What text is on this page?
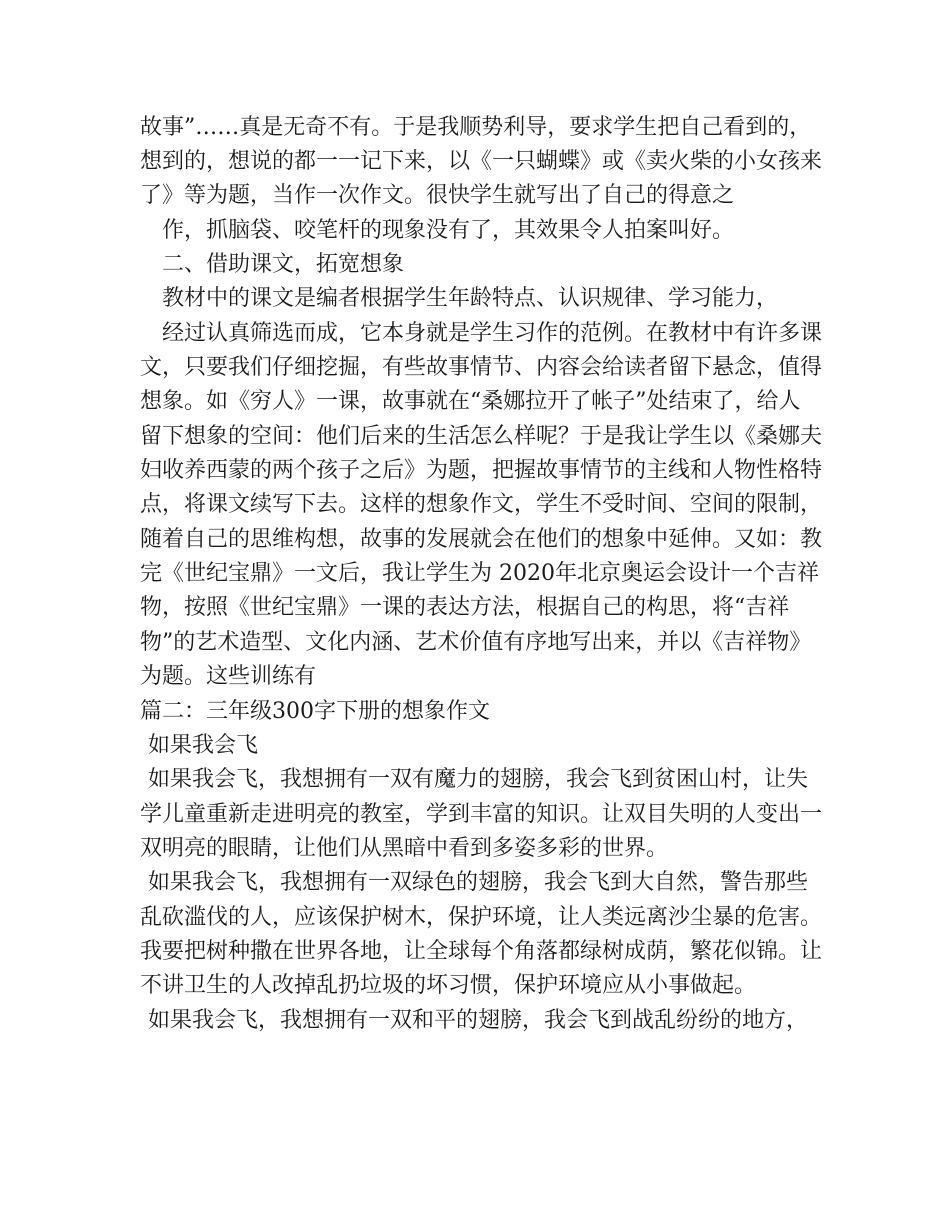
故事”……真是无奇不有。于是我顺势利导，要求学生把自己看到的，

想到的，想说的都一一记下来，以《一只蝴蝶》或《卖火柴的小女孩来

了》等为题，当作一次作文。很快学生就写出了自己的得意之

作，抓脑袋、咬笔杆的现象没有了，其效果令人拍案叫好。

二、借助课文，拓宽想象

教材中的课文是编者根据学生年龄特点、认识规律、学习能力，

经过认真筛选而成，它本身就是学生习作的范例。在教材中有许多课

文，只要我们仔细挖掘，有些故事情节、内容会给读者留下悬念，值得

想象。如《穷人》一课，故事就在“桑娜拉开了帐子”处结束了，给人

留下想象的空间：他们后来的生活怎么样呢？于是我让学生以《桑娜夫

妇收养西蒙的两个孩子之后》为题，把握故事情节的主线和人物性格特

点，将课文续写下去。这样的想象作文，学生不受时间、空间的限制，

随着自己的思维构想，故事的发展就会在他们的想象中延伸。又如：教

完《世纪宝鼎》一文后，我让学生为 2020年北京奥运会设计一个吉祥

物，按照《世纪宝鼎》一课的表达方法，根据自己的构思，将“吉祥

物”的艺术造型、文化内涵、艺术价值有序地写出来，并以《吉祥物》

为题。这些训练有

篇二：三年级300字下册的想象作文

如果我会飞

如果我会飞，我想拥有一双有魔力的翅膀，我会飞到贫困山村，让失

学儿童重新走进明亮的教室，学到丰富的知识。让双目失明的人变出一

双明亮的眼睛，让他们从黑暗中看到多姿多彩的世界。

如果我会飞，我想拥有一双绿色的翅膀，我会飞到大自然，警告那些

乱砍滥伐的人，应该保护树木，保护环境，让人类远离沙尘暴的危害。

我要把树种撒在世界各地，让全球每个角落都绿树成荫，繁花似锦。让

不讲卫生的人改掉乱扔垃圾的坏习惯，保护环境应从小事做起。

如果我会飞，我想拥有一双和平的翅膀，我会飞到战乱纷纷的地方，
